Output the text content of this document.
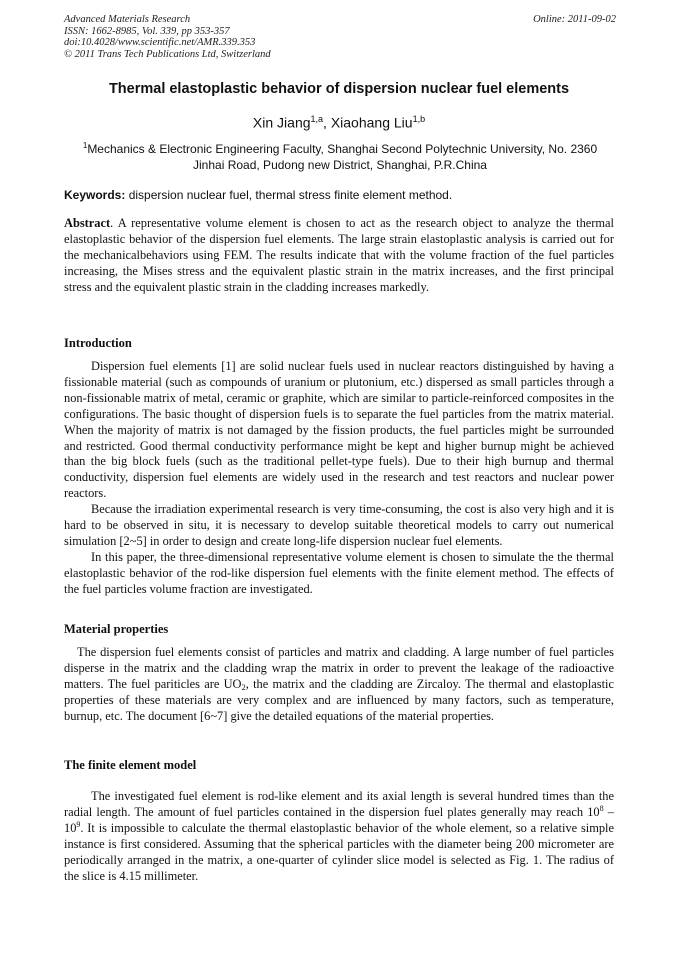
Advanced Materials Research
ISSN: 1662-8985, Vol. 339, pp 353-357
doi:10.4028/www.scientific.net/AMR.339.353
© 2011 Trans Tech Publications Ltd, Switzerland
Online: 2011-09-02
Thermal elastoplastic behavior of dispersion nuclear fuel elements
Xin Jiang$^{1,a}$, Xiaohang Liu$^{1,b}$
$^1$Mechanics & Electronic Engineering Faculty, Shanghai Second Polytechnic University, No. 2360
Jinhai Road, Pudong new District, Shanghai, P.R.China
Keywords: dispersion nuclear fuel, thermal stress finite element method.

Abstract. A representative volume element is chosen to act as the research object to analyze the thermal elastoplastic behavior of the dispersion fuel elements. The large strain elastoplastic analysis is carried out for the mechanicalbehaviors using FEM. The results indicate that with the volume fraction of the fuel particles increasing, the Mises stress and the equivalent plastic strain in the matrix increases, and the first principal stress and the equivalent plastic strain in the cladding increases markedly.

Introduction

Dispersion fuel elements [1] are solid nuclear fuels used in nuclear reactors distinguished by having a fissionable material (such as compounds of uranium or plutonium, etc.) dispersed as small particles through a non-fissionable matrix of metal, ceramic or graphite, which are similar to particle-reinforced composites in the configurations. The basic thought of dispersion fuels is to separate the fuel particles from the matrix material. When the majority of matrix is not damaged by the fission products, the fuel particles might be surrounded and restricted. Good thermal conductivity performance might be kept and higher burnup might be achieved than the big block fuels (such as the traditional pellet-type fuels). Due to their high burnup and thermal conductivity, dispersion fuel elements are widely used in the research and test reactors and nuclear power reactors.

Because the irradiation experimental research is very time-consuming, the cost is also very high and it is hard to be observed in situ, it is necessary to develop suitable theoretical models to carry out numerical simulation [2~5] in order to design and create long-life dispersion nuclear fuel elements.

In this paper, the three-dimensional representative volume element is chosen to simulate the the thermal elastoplastic behavior of the rod-like dispersion fuel elements with the finite element method. The effects of the fuel particles volume fraction are investigated.

Material properties

The dispersion fuel elements consist of particles and matrix and cladding. A large number of fuel particles disperse in the matrix and the cladding wrap the matrix in order to prevent the leakage of the radioactive matters. The fuel pariticles are $UO_2$, the matrix and the cladding are Zircaloy. The thermal and elastoplastic properties of these materials are very complex and are influenced by many factors, such as temperature, burnup, etc. The document [6~7] give the detailed equations of the material properties.

The finite element model

The investigated fuel element is rod-like element and its axial length is several hundred times than the radial length. The amount of fuel particles contained in the dispersion fuel plates generally may reach $10^8 - 10^9$. It is impossible to calculate the thermal elastoplastic behavior of the whole element, so a relative simple instance is first considered. Assuming that the spherical particles with the diameter being 200 micrometer are periodically arranged in the matrix, a one-quarter of cylinder slice model is selected as Fig. 1. The radius of the slice is 4.15 millimeter.
